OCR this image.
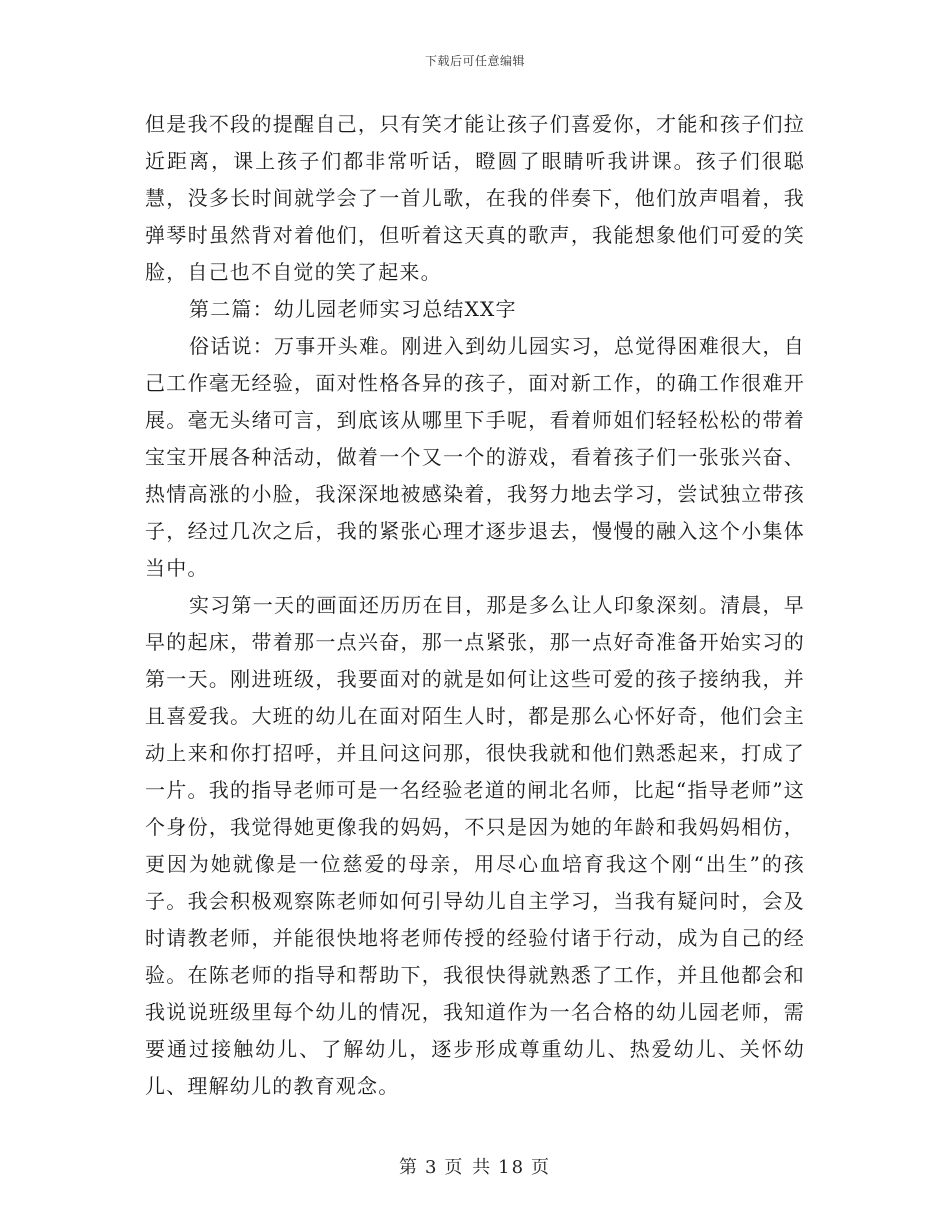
下载后可任意编辑

但是我不段的提醒自己，只有笑才能让孩子们喜爱你，才能和孩子们拉近距离，课上孩子们都非常听话，瞪圆了眼睛听我讲课。孩子们很聪慧，没多长时间就学会了一首儿歌，在我的伴奏下，他们放声唱着，我弹琴时虽然背对着他们，但听着这天真的歌声，我能想象他们可爱的笑脸，自己也不自觉的笑了起来。

第二篇：幼儿园老师实习总结XX字

俗话说：万事开头难。刚进入到幼儿园实习，总觉得困难很大，自己工作毫无经验，面对性格各异的孩子，面对新工作，的确工作很难开展。毫无头绪可言，到底该从哪里下手呢，看着师姐们轻轻松松的带着宝宝开展各种活动，做着一个又一个的游戏，看着孩子们一张张兴奋、热情高涨的小脸，我深深地被感染着，我努力地去学习，尝试独立带孩子，经过几次之后，我的紧张心理才逐步退去，慢慢的融入这个小集体当中。

实习第一天的画面还历历在目，那是多么让人印象深刻。清晨，早早的起床，带着那一点兴奋，那一点紧张，那一点好奇准备开始实习的第一天。刚进班级，我要面对的就是如何让这些可爱的孩子接纳我，并且喜爱我。大班的幼儿在面对陌生人时，都是那么心怀好奇，他们会主动上来和你打招呼，并且问这问那，很快我就和他们熟悉起来，打成了一片。我的指导老师可是一名经验老道的闸北名师，比起“指导老师”这个身份，我觉得她更像我的妈妈，不只是因为她的年龄和我妈妈相仿，更因为她就像是一位慈爱的母亲，用尽心血培育我这个刚“出生”的孩子。我会积极观察陈老师如何引导幼儿自主学习，当我有疑问时，会及时请教老师，并能很快地将老师传授的经验付诸于行动，成为自己的经验。在陈老师的指导和帮助下，我很快得就熟悉了工作，并且他都会和我说说班级里每个幼儿的情况，我知道作为一名合格的幼儿园老师，需要通过接触幼儿、了解幼儿，逐步形成尊重幼儿、热爱幼儿、关怀幼儿、理解幼儿的教育观念。

第 3 页 共 18 页
